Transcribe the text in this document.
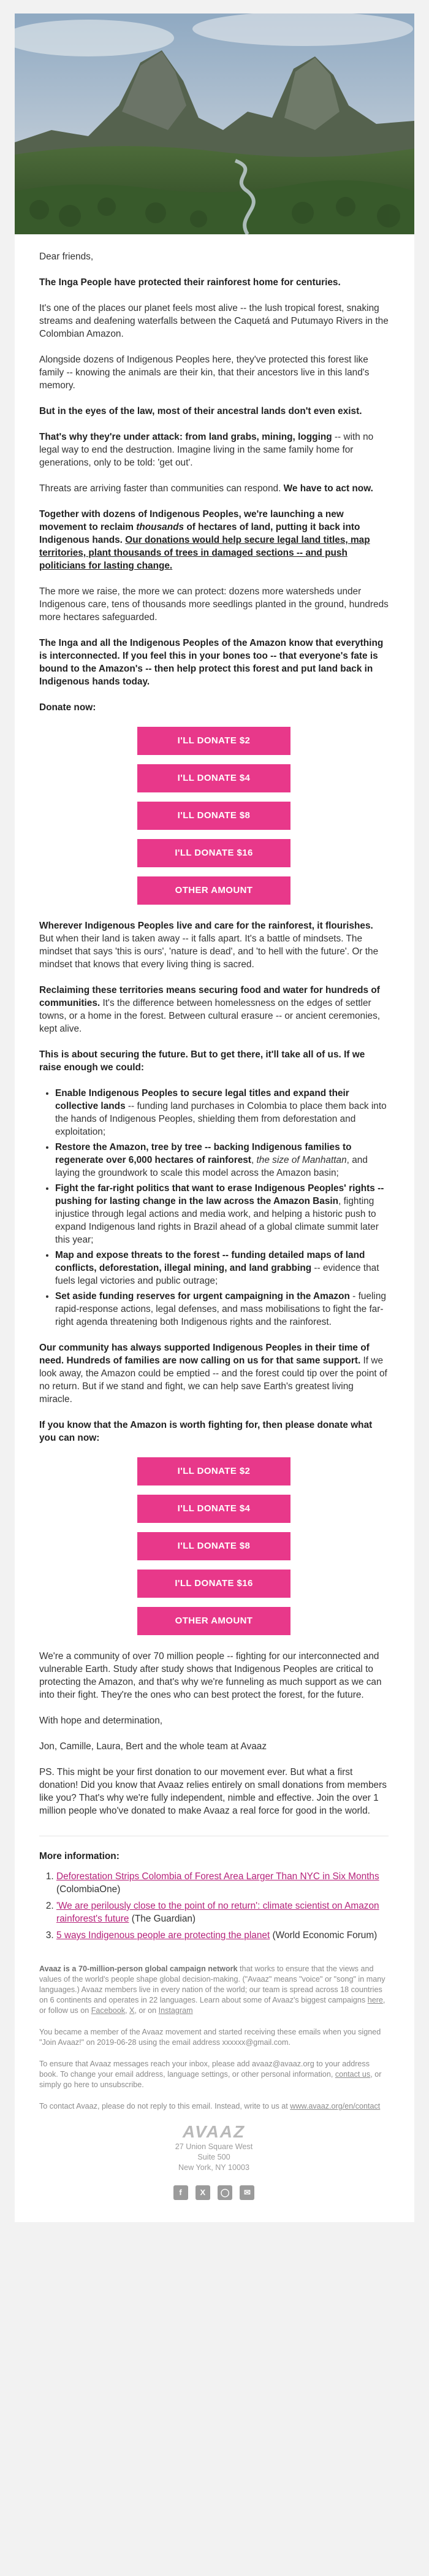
Dear friends,

The Inga People have protected their rainforest home for centuries.

It's one of the places our planet feels most alive -- the lush tropical forest, snaking streams and deafening waterfalls between the Caquetá and Putumayo Rivers in the Colombian Amazon.

Alongside dozens of Indigenous Peoples here, they've protected this forest like family -- knowing the animals are their kin, that their ancestors live in this land's memory.

But in the eyes of the law, most of their ancestral lands don't even exist.

That's why they're under attack: from land grabs, mining, logging -- with no legal way to end the destruction. Imagine living in the same family home for generations, only to be told: 'get out'.

Threats are arriving faster than communities can respond. We have to act now.

Together with dozens of Indigenous Peoples, we're launching a new movement to reclaim thousands of hectares of land, putting it back into Indigenous hands. Our donations would help secure legal land titles, map territories, plant thousands of trees in damaged sections -- and push politicians for lasting change.

The more we raise, the more we can protect: dozens more watersheds under Indigenous care, tens of thousands more seedlings planted in the ground, hundreds more hectares safeguarded.

The Inga and all the Indigenous Peoples of the Amazon know that everything is interconnected. If you feel this in your bones too -- that everyone's fate is bound to the Amazon's -- then help protect this forest and put land back in Indigenous hands today.

Donate now:

I'LL DONATE $2
I'LL DONATE $4
I'LL DONATE $8
I'LL DONATE $16
OTHER AMOUNT

Wherever Indigenous Peoples live and care for the rainforest, it flourishes. But when their land is taken away -- it falls apart. It's a battle of mindsets. The mindset that says 'this is ours', 'nature is dead', and 'to hell with the future'. Or the mindset that knows that every living thing is sacred.

Reclaiming these territories means securing food and water for hundreds of communities. It's the difference between homelessness on the edges of settler towns, or a home in the forest. Between cultural erasure -- or ancient ceremonies, kept alive.

This is about securing the future. But to get there, it'll take all of us. If we raise enough we could:

• Enable Indigenous Peoples to secure legal titles and expand their collective lands -- funding land purchases in Colombia to place them back into the hands of Indigenous Peoples, shielding them from deforestation and exploitation;
• Restore the Amazon, tree by tree -- backing Indigenous families to regenerate over 6,000 hectares of rainforest, the size of Manhattan, and laying the groundwork to scale this model across the Amazon basin;
• Fight the far-right politics that want to erase Indigenous Peoples' rights -- pushing for lasting change in the law across the Amazon Basin, fighting injustice through legal actions and media work, and helping a historic push to expand Indigenous land rights in Brazil ahead of a global climate summit later this year;
• Map and expose threats to the forest -- funding detailed maps of land conflicts, deforestation, illegal mining, and land grabbing -- evidence that fuels legal victories and public outrage;
• Set aside funding reserves for urgent campaigning in the Amazon - fueling rapid-response actions, legal defenses, and mass mobilisations to fight the far-right agenda threatening both Indigenous rights and the rainforest.

Our community has always supported Indigenous Peoples in their time of need. Hundreds of families are now calling on us for that same support. If we look away, the Amazon could be emptied -- and the forest could tip over the point of no return. But if we stand and fight, we can help save Earth's greatest living miracle.

If you know that the Amazon is worth fighting for, then please donate what you can now:

I'LL DONATE $2
I'LL DONATE $4
I'LL DONATE $8
I'LL DONATE $16
OTHER AMOUNT

We're a community of over 70 million people -- fighting for our interconnected and vulnerable Earth. Study after study shows that Indigenous Peoples are critical to protecting the Amazon, and that's why we're funneling as much support as we can into their fight. They're the ones who can best protect the forest, for the future.

With hope and determination,

Jon, Camille, Laura, Bert and the whole team at Avaaz

PS. This might be your first donation to our movement ever. But what a first donation! Did you know that Avaaz relies entirely on small donations from members like you? That's why we're fully independent, nimble and effective. Join the over 1 million people who've donated to make Avaaz a real force for good in the world.

More information:
1. Deforestation Strips Colombia of Forest Area Larger Than NYC in Six Months (ColombiaOne)
2. 'We are perilously close to the point of no return': climate scientist on Amazon rainforest's future (The Guardian)
3. 5 ways Indigenous people are protecting the planet (World Economic Forum)

Avaaz is a 70-million-person global campaign network that works to ensure that the views and values of the world's people shape global decision-making. ("Avaaz" means "voice" or "song" in many languages.) Avaaz members live in every nation of the world; our team is spread across 18 countries on 6 continents and operates in 22 languages. Learn about some of Avaaz's biggest campaigns here, or follow us on Facebook, X, or on Instagram

You became a member of the Avaaz movement and started receiving these emails when you signed "Join Avaaz!" on 2019-06-28 using the email address xxxxxx@gmail.com.

To ensure that Avaaz messages reach your inbox, please add avaaz@avaaz.org to your address book. To change your email address, language settings, or other personal information, contact us, or simply go here to unsubscribe.

To contact Avaaz, please do not reply to this email. Instead, write to us at www.avaaz.org/en/contact

AVAAZ
27 Union Square West
Suite 500
New York, NY 10003
f X ◯ ✉
